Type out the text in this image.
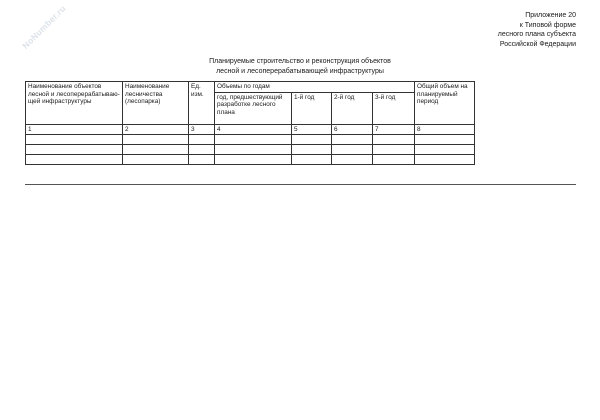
NoNumber.ru	Приложение 20
к Типовой форме
лесного плана субъекта
Российской Федерации
Планируемые строительство и реконструкция объектов
лесной и лесоперерабатывающей инфраструктуры
Наименование объектов лесной и лесоперерабатываю-щей инфраструктуры	Наименование лесничества (лесопарка)	Ед. изм.	Объемы по годам				Общий объем на планируемый период
			год, предшествующий разработке лесного плана	1-й год	2-й год	3-й год	
1	2	3	4	5	6	7	8
